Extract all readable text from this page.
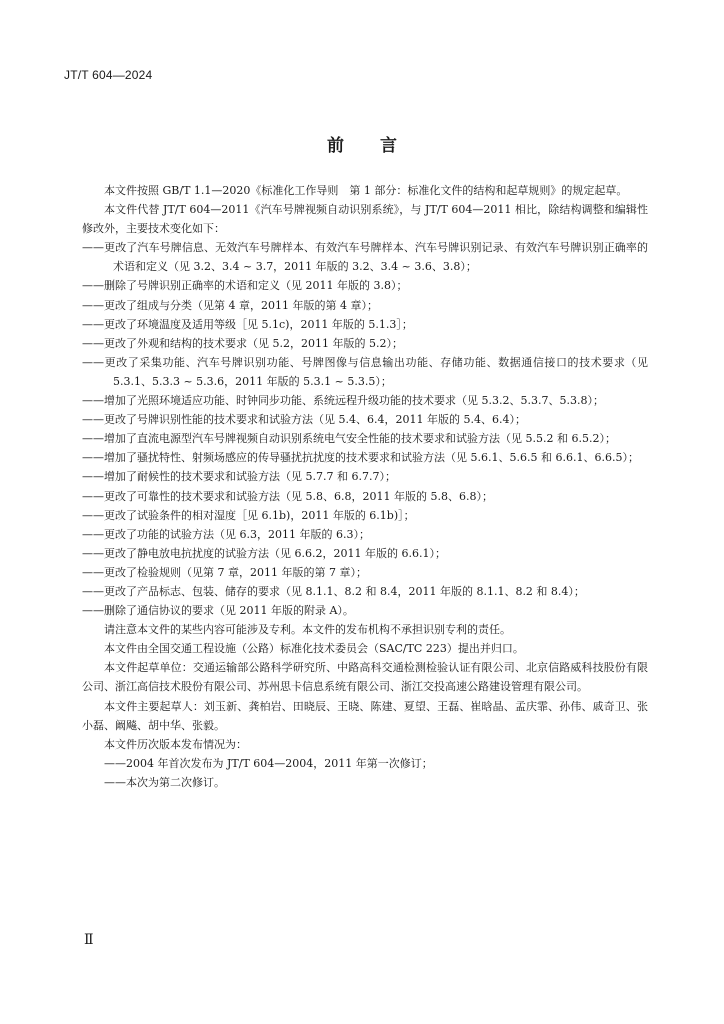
JT/T 604—2024
前言

本文件按照 GB/T 1.1—2020《标准化工作导则　第 1 部分：标准化文件的结构和起草规则》的规定起草。

本文件代替 JT/T 604—2011《汽车号牌视频自动识别系统》，与 JT/T 604—2011 相比，除结构调整和编辑性修改外，主要技术变化如下：

——更改了汽车号牌信息、无效汽车号牌样本、有效汽车号牌样本、汽车号牌识别记录、有效汽车号牌识别正确率的术语和定义（见 3.2、3.4 ~ 3.7，2011 年版的 3.2、3.4 ~ 3.6、3.8）；

——删除了号牌识别正确率的术语和定义（见 2011 年版的 3.8）；

——更改了组成与分类（见第 4 章，2011 年版的第 4 章）；

——更改了环境温度及适用等级［见 5.1c)，2011 年版的 5.1.3］；

——更改了外观和结构的技术要求（见 5.2，2011 年版的 5.2）；

——更改了采集功能、汽车号牌识别功能、号牌图像与信息输出功能、存储功能、数据通信接口的技术要求（见 5.3.1、5.3.3 ~ 5.3.6，2011 年版的 5.3.1 ~ 5.3.5）；

——增加了光照环境适应功能、时钟同步功能、系统远程升级功能的技术要求（见 5.3.2、5.3.7、5.3.8）；

——更改了号牌识别性能的技术要求和试验方法（见 5.4、6.4，2011 年版的 5.4、6.4）；

——增加了直流电源型汽车号牌视频自动识别系统电气安全性能的技术要求和试验方法（见 5.5.2 和 6.5.2）；

——增加了骚扰特性、射频场感应的传导骚扰抗扰度的技术要求和试验方法（见 5.6.1、5.6.5 和 6.6.1、6.6.5）；

——增加了耐候性的技术要求和试验方法（见 5.7.7 和 6.7.7）；

——更改了可靠性的技术要求和试验方法（见 5.8、6.8，2011 年版的 5.8、6.8）；

——更改了试验条件的相对湿度［见 6.1b)，2011 年版的 6.1b)］；

——更改了功能的试验方法（见 6.3，2011 年版的 6.3）；

——更改了静电放电抗扰度的试验方法（见 6.6.2，2011 年版的 6.6.1）；

——更改了检验规则（见第 7 章，2011 年版的第 7 章）；

——更改了产品标志、包装、储存的要求（见 8.1.1、8.2 和 8.4，2011 年版的 8.1.1、8.2 和 8.4）；

——删除了通信协议的要求（见 2011 年版的附录 A）。

请注意本文件的某些内容可能涉及专利。本文件的发布机构不承担识别专利的责任。

本文件由全国交通工程设施（公路）标准化技术委员会（SAC/TC 223）提出并归口。

本文件起草单位：交通运输部公路科学研究所、中路高科交通检测检验认证有限公司、北京信路威科技股份有限公司、浙江高信技术股份有限公司、苏州思卡信息系统有限公司、浙江交投高速公路建设管理有限公司。

本文件主要起草人：刘玉新、龚柏岩、田晓辰、王晓、陈建、夏望、王磊、崔晗晶、孟庆霏、孙伟、戚奇卫、张小磊、阚飚、胡中华、张毅。

本文件历次版本发布情况为：

——2004 年首次发布为 JT/T 604—2004，2011 年第一次修订；

——本次为第二次修订。

Ⅱ
